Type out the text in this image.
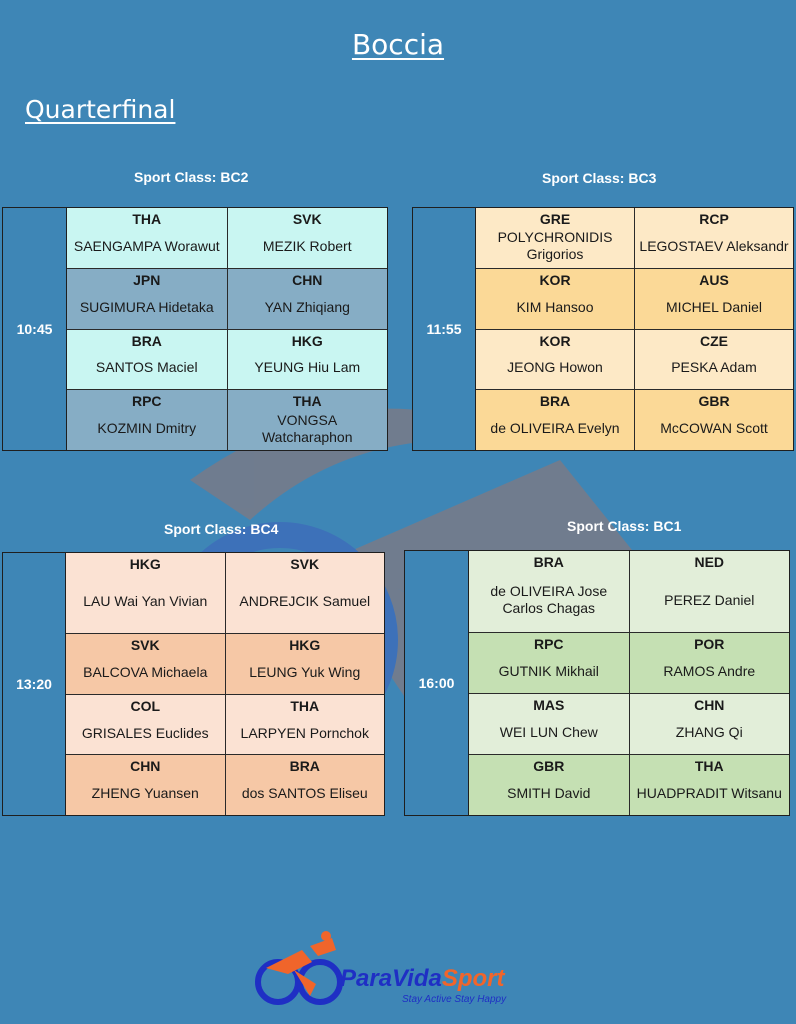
Boccia
Quarterfinal
Sport Class: BC2
10:45
THA
SAENGAMPA Worawut
SVK
MEZIK Robert
JPN
SUGIMURA Hidetaka
CHN
YAN Zhiqiang
BRA
SANTOS Maciel
HKG
YEUNG Hiu Lam
RPC
KOZMIN Dmitry
THA
VONGSA Watcharaphon
Sport Class: BC3
11:55
GRE
POLYCHRONIDIS Grigorios
RCP
LEGOSTAEV Aleksandr
KOR
KIM Hansoo
AUS
MICHEL Daniel
KOR
JEONG Howon
CZE
PESKA Adam
BRA
de OLIVEIRA Evelyn
GBR
McCOWAN Scott
Sport Class: BC4
13:20
HKG
LAU Wai Yan Vivian
SVK
ANDREJCIK Samuel
SVK
BALCOVA Michaela
HKG
LEUNG Yuk Wing
COL
GRISALES Euclides
THA
LARPYEN Pornchok
CHN
ZHENG Yuansen
BRA
dos SANTOS Eliseu
Sport Class: BC1
16:00
BRA
de OLIVEIRA Jose Carlos Chagas
NED
PEREZ Daniel
RPC
GUTNIK Mikhail
POR
RAMOS Andre
MAS
WEI LUN Chew
CHN
ZHANG Qi
GBR
SMITH David
THA
HUADPRADIT Witsanu
ParaVidaSport
Stay Active Stay Happy
